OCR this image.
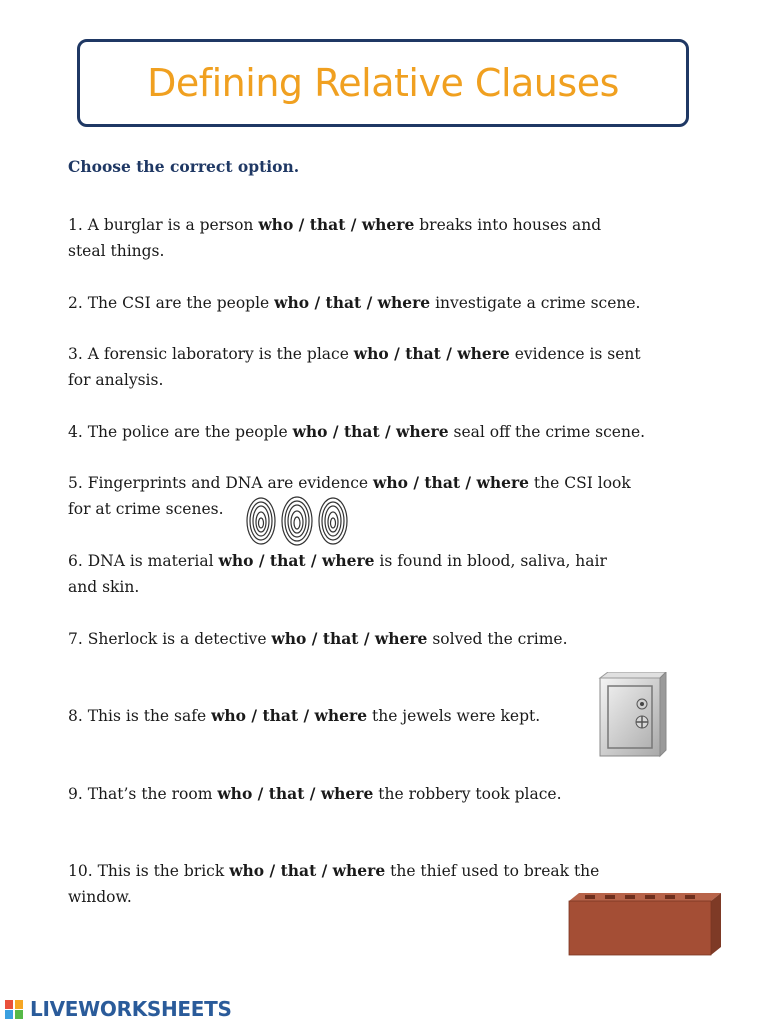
Defining Relative Clauses
Choose the correct option.
1. A burglar is a person who / that / where breaks into houses and
steal things.
2. The CSI are the people who / that / where investigate a crime scene.
3. A forensic laboratory is the place who / that / where evidence is sent
for analysis.
4. The police are the people who / that / where seal off the crime scene.
5. Fingerprints and DNA are evidence who / that / where the CSI look
for at crime scenes.
6. DNA is material who / that / where is found in blood, saliva, hair
and skin.
7. Sherlock is a detective who / that / where solved the crime.
8. This is the safe who / that / where the jewels were kept.
9. That’s the room who / that / where the robbery took place.
10. This is the brick who / that / where the thief used to break the
window.
LIVEWORKSHEETS
